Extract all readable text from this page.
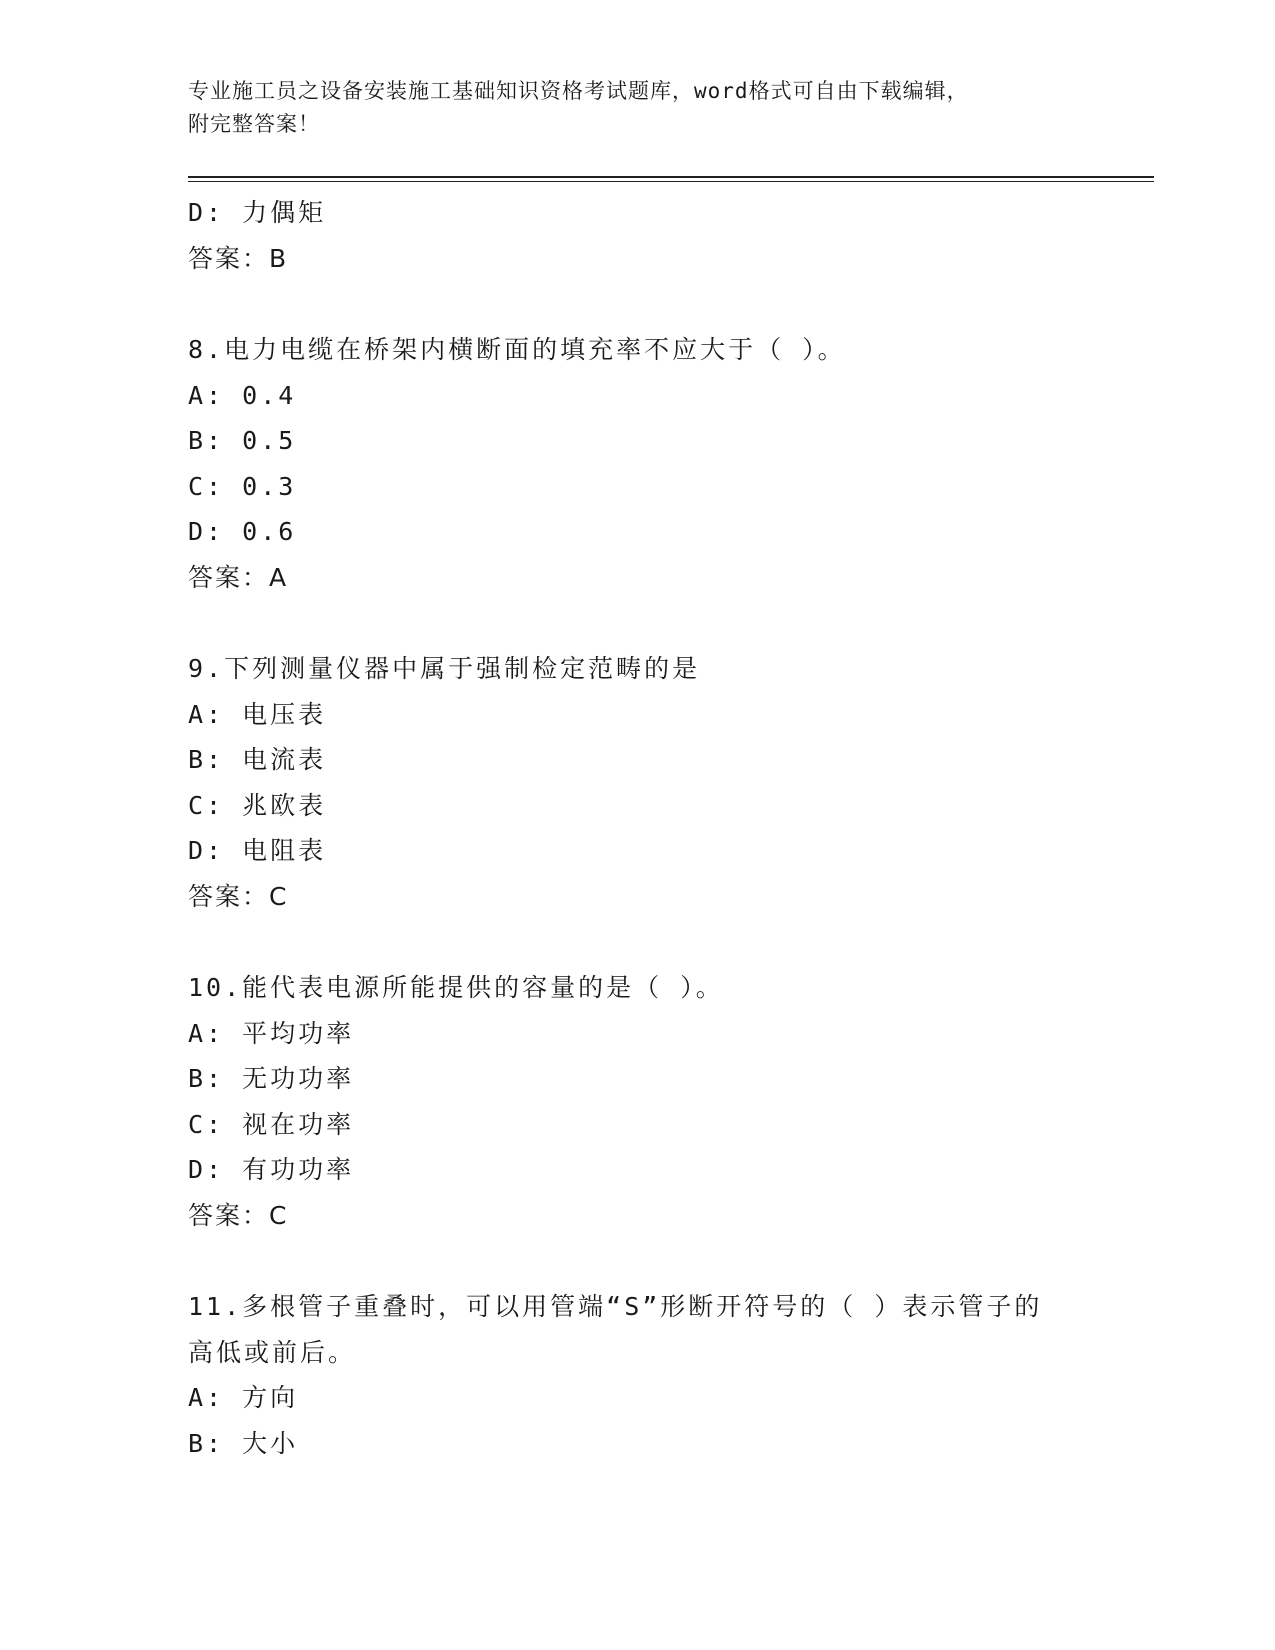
专业施工员之设备安装施工基础知识资格考试题库，word格式可自由下载编辑，
附完整答案！
D: 力偶矩
答案：B
8.电力电缆在桥架内横断面的填充率不应大于（ ）。
A: 0.4
B: 0.5
C: 0.3
D: 0.6
答案：A
9.下列测量仪器中属于强制检定范畴的是
A: 电压表
B: 电流表
C: 兆欧表
D: 电阻表
答案：C
10.能代表电源所能提供的容量的是（ ）。
A: 平均功率
B: 无功功率
C: 视在功率
D: 有功功率
答案：C
11.多根管子重叠时，可以用管端“S”形断开符号的（ ）表示管子的
高低或前后。
A: 方向
B: 大小
